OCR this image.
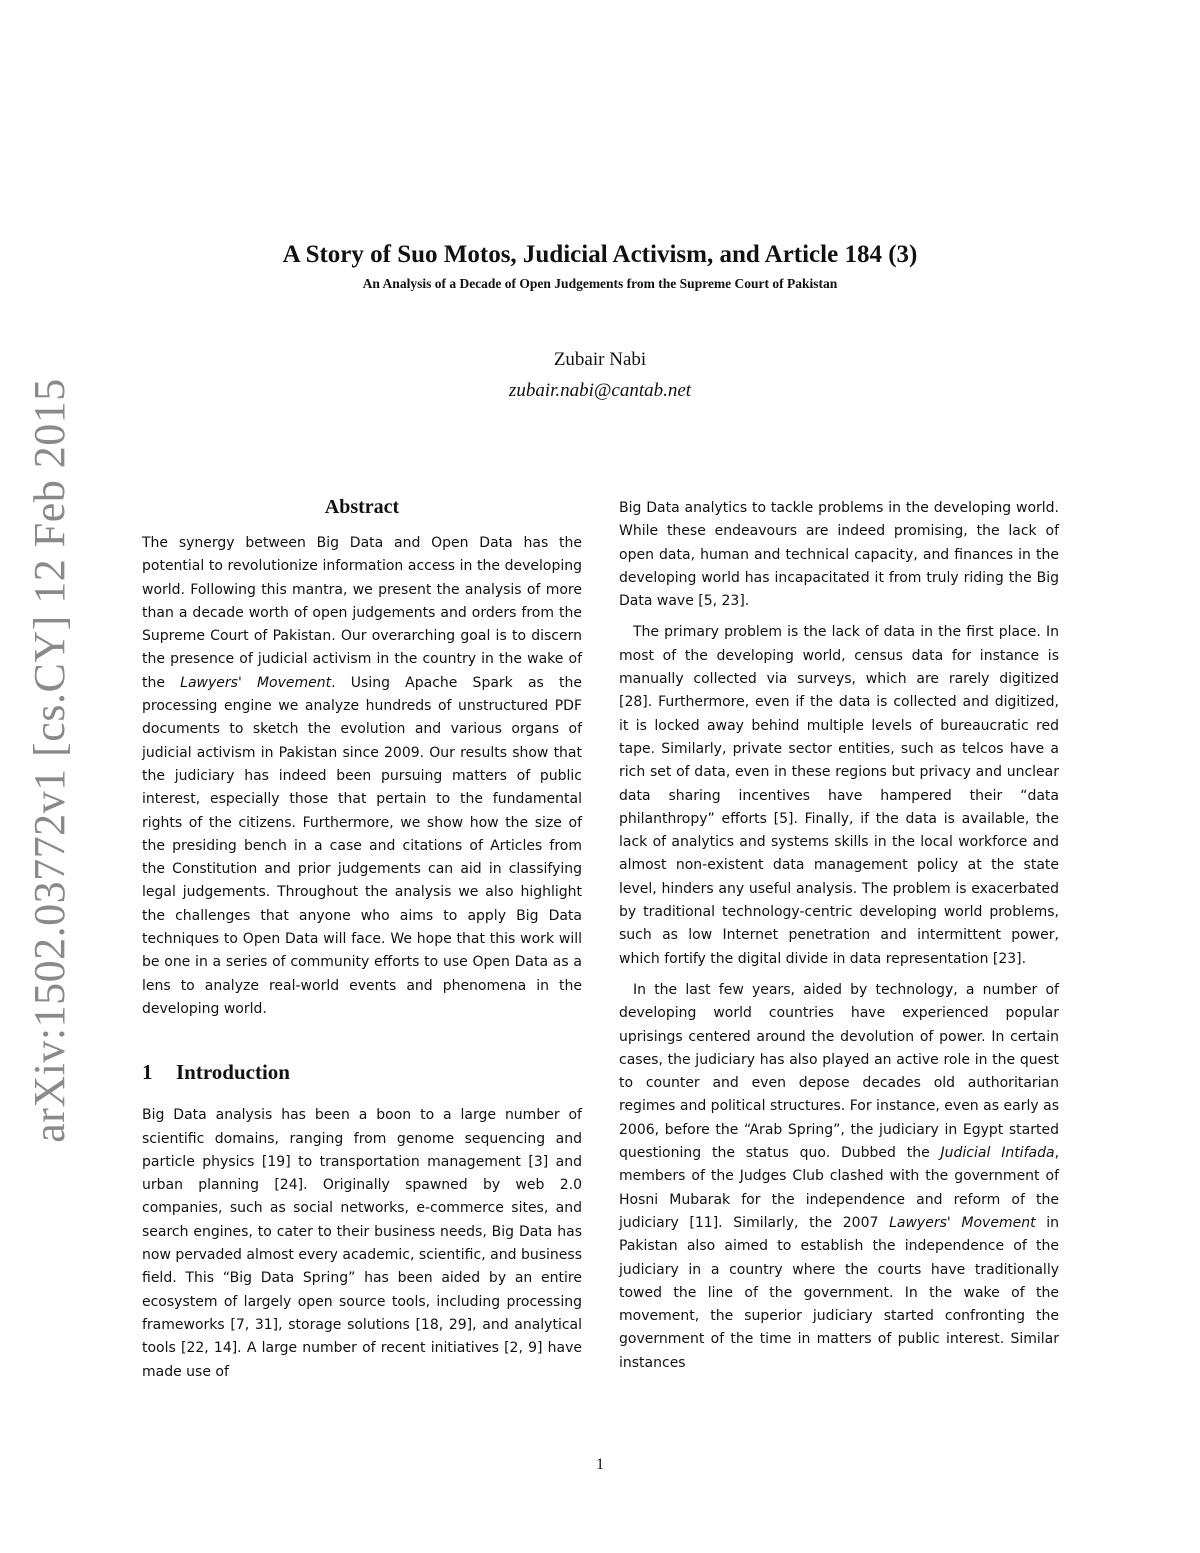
arXiv:1502.03772v1 [cs.CY] 12 Feb 2015
A Story of Suo Motos, Judicial Activism, and Article 184 (3)
An Analysis of a Decade of Open Judgements from the Supreme Court of Pakistan
Zubair Nabi
zubair.nabi@cantab.net
Abstract

The synergy between Big Data and Open Data has the potential to revolutionize information access in the developing world. Following this mantra, we present the analysis of more than a decade worth of open judgements and orders from the Supreme Court of Pakistan. Our overarching goal is to discern the presence of judicial activism in the country in the wake of the Lawyers' Movement. Using Apache Spark as the processing engine we analyze hundreds of unstructured PDF documents to sketch the evolution and various organs of judicial activism in Pakistan since 2009. Our results show that the judiciary has indeed been pursuing matters of public interest, especially those that pertain to the fundamental rights of the citizens. Furthermore, we show how the size of the presiding bench in a case and citations of Articles from the Constitution and prior judgements can aid in classifying legal judgements. Throughout the analysis we also highlight the challenges that anyone who aims to apply Big Data techniques to Open Data will face. We hope that this work will be one in a series of community efforts to use Open Data as a lens to analyze real-world events and phenomena in the developing world.

1 Introduction

Big Data analysis has been a boon to a large number of scientific domains, ranging from genome sequencing and particle physics [19] to transportation management [3] and urban planning [24]. Originally spawned by web 2.0 companies, such as social networks, e-commerce sites, and search engines, to cater to their business needs, Big Data has now pervaded almost every academic, scientific, and business field. This “Big Data Spring” has been aided by an entire ecosystem of largely open source tools, including processing frameworks [7, 31], storage solutions [18, 29], and analytical tools [22, 14]. A large number of recent initiatives [2, 9] have made use of

Big Data analytics to tackle problems in the developing world. While these endeavours are indeed promising, the lack of open data, human and technical capacity, and finances in the developing world has incapacitated it from truly riding the Big Data wave [5, 23].

The primary problem is the lack of data in the first place. In most of the developing world, census data for instance is manually collected via surveys, which are rarely digitized [28]. Furthermore, even if the data is collected and digitized, it is locked away behind multiple levels of bureaucratic red tape. Similarly, private sector entities, such as telcos have a rich set of data, even in these regions but privacy and unclear data sharing incentives have hampered their “data philanthropy” efforts [5]. Finally, if the data is available, the lack of analytics and systems skills in the local workforce and almost non-existent data management policy at the state level, hinders any useful analysis. The problem is exacerbated by traditional technology-centric developing world problems, such as low Internet penetration and intermittent power, which fortify the digital divide in data representation [23].

In the last few years, aided by technology, a number of developing world countries have experienced popular uprisings centered around the devolution of power. In certain cases, the judiciary has also played an active role in the quest to counter and even depose decades old authoritarian regimes and political structures. For instance, even as early as 2006, before the “Arab Spring”, the judiciary in Egypt started questioning the status quo. Dubbed the Judicial Intifada, members of the Judges Club clashed with the government of Hosni Mubarak for the independence and reform of the judiciary [11]. Similarly, the 2007 Lawyers' Movement in Pakistan also aimed to establish the independence of the judiciary in a country where the courts have traditionally towed the line of the government. In the wake of the movement, the superior judiciary started confronting the government of the time in matters of public interest. Similar instances

1
